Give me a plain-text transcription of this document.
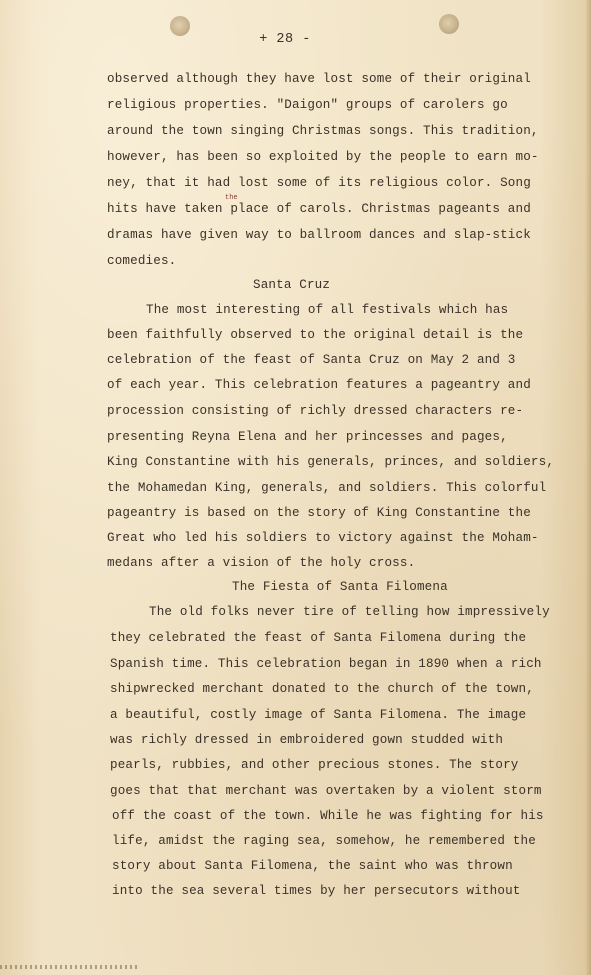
+ 28 -
observed although they have lost some of their original
religious properties. "Daigon" groups of carolers go
around the town singing Christmas songs. This tradition,
however, has been so exploited by the people to earn mo-
ney, that it had lost some of its religious color. Song
the
hits have taken place of carols. Christmas pageants and
dramas have given way to ballroom dances and slap-stick
comedies.
Santa Cruz
The most interesting of all festivals which has
been faithfully observed to the original detail is the
celebration of the feast of Santa Cruz on May 2 and 3
of each year. This celebration features a pageantry and
procession consisting of richly dressed characters re-
presenting Reyna Elena and her princesses and pages,
King Constantine with his generals, princes, and soldiers,
the Mohamedan King, generals, and soldiers. This colorful
pageantry is based on the story of King Constantine the
Great who led his soldiers to victory against the Moham-
medans after a vision of the holy cross.
The Fiesta of Santa Filomena
The old folks never tire of telling how impressively
they celebrated the feast of Santa Filomena during the
Spanish time. This celebration began in 1890 when a rich
shipwrecked merchant donated to the church of the town,
a beautiful, costly image of Santa Filomena. The image
was richly dressed in embroidered gown studded with
pearls, rubbies, and other precious stones. The story
goes that that merchant was overtaken by a violent storm
off the coast of the town. While he was fighting for his
life, amidst the raging sea, somehow, he remembered the
story about Santa Filomena, the saint who was thrown
into the sea several times by her persecutors without
